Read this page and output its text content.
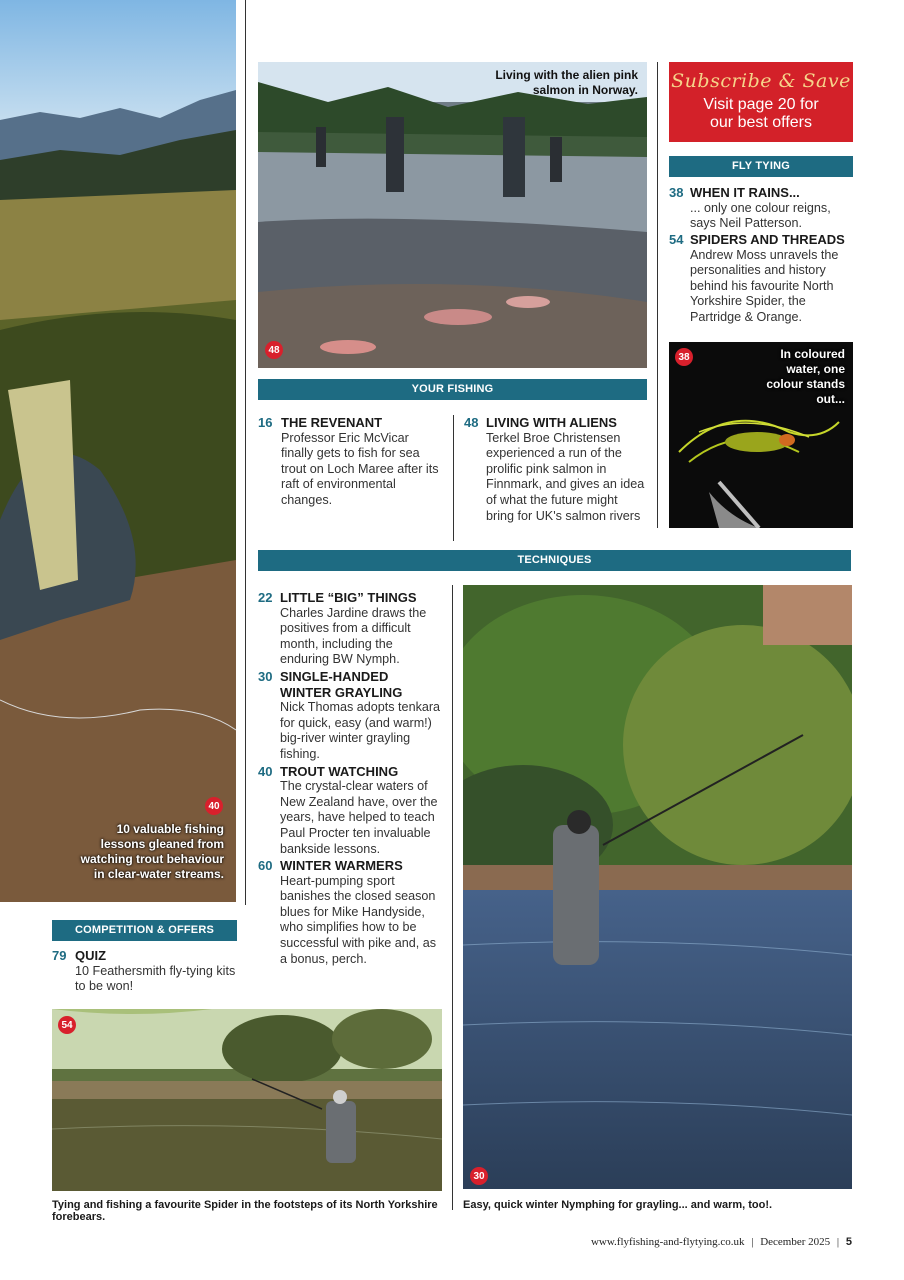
40
10 valuable fishing lessons gleaned from watching trout behaviour in clear-water streams.
Living with the alien pink salmon in Norway.
48
YOUR FISHING
16 THE REVENANT
Professor Eric McVicar finally gets to fish for sea trout on Loch Maree after its raft of environmental changes.
48 LIVING WITH ALIENS
Terkel Broe Christensen experienced a run of the prolific pink salmon in Finnmark, and gives an idea of what the future might bring for UK's salmon rivers
Subscribe & Save
Visit page 20 for
our best offers
FLY TYING
38 WHEN IT RAINS...
... only one colour reigns, says Neil Patterson.
54 SPIDERS AND THREADS
Andrew Moss unravels the personalities and history behind his favourite North Yorkshire Spider, the Partridge & Orange.
38	In coloured water, one colour stands out...
TECHNIQUES
22 LITTLE “BIG” THINGS
Charles Jardine draws the positives from a difficult month, including the enduring BW Nymph.
30 SINGLE-HANDED WINTER GRAYLING
Nick Thomas adopts tenkara for quick, easy (and warm!) big-river winter grayling fishing.
40 TROUT WATCHING
The crystal-clear waters of New Zealand have, over the years, have helped to teach Paul Procter ten invaluable bankside lessons.
60 WINTER WARMERS
Heart-pumping sport banishes the closed season blues for Mike Handyside, who simplifies how to be successful with pike and, as a bonus, perch.
30
COMPETITION & OFFERS
79 QUIZ
10 Feathersmith fly-tying kits to be won!
54
Tying and fishing a favourite Spider in the footsteps of its North Yorkshire forebears.
Easy, quick winter Nymphing for grayling... and warm, too!.
www.flyfishing-and-flytying.co.uk | December 2025 | 5
